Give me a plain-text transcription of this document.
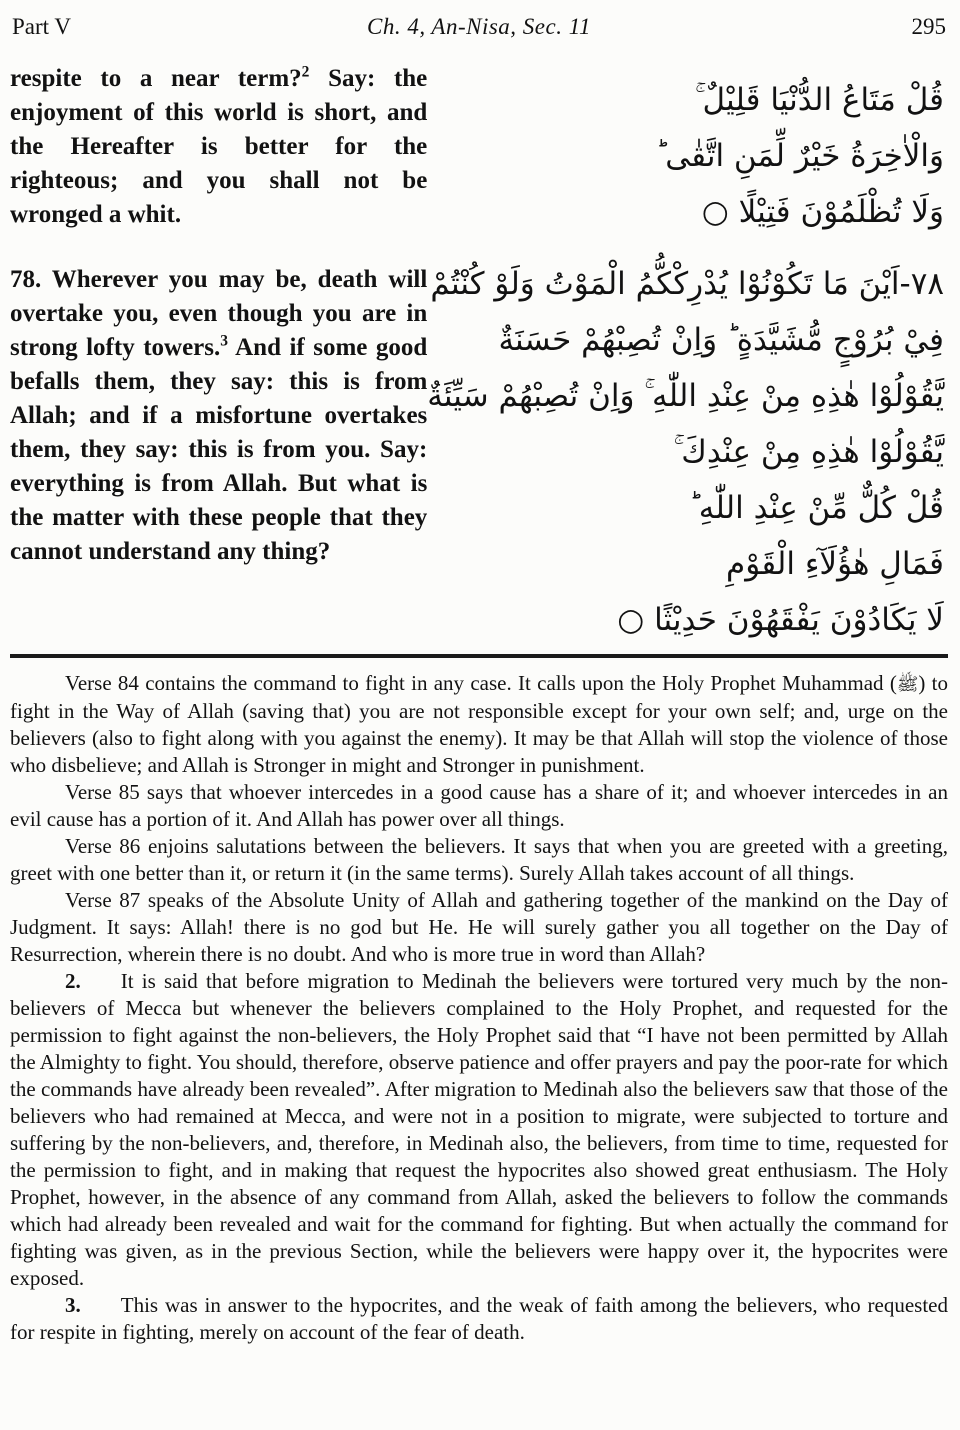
Part V	Ch. 4, An-Nisa, Sec. 11	295

respite to a near term?$^2$ Say: the enjoyment of this world is short, and the Hereafter is better for the righteous; and you shall not be wronged a whit.

78. Wherever you may be, death will overtake you, even though you are in strong lofty towers.$^3$ And if some good befalls them, they say: this is from Allah; and if a misfortune overtakes them, they say: this is from you. Say: everything is from Allah. But what is the matter with these people that they cannot understand any thing?

قُلْ مَتَاعُ الدُّنْيَا قَلِيْلٌ ۚ
وَالْاٰخِرَةُ خَيْرٌ لِّمَنِ اتَّقٰى ؕ
وَلَا تُظْلَمُوْنَ فَتِيْلًا ○
٧٨-اَيْنَ مَا تَكُوْنُوْا يُدْرِكْكُّمُ الْمَوْتُ وَلَوْ كُنْتُمْ
فِيْ بُرُوْجٍ مُّشَيَّدَةٍ ؕ وَاِنْ تُصِبْهُمْ حَسَنَةٌ
يَّقُوْلُوْا هٰذِهِ مِنْ عِنْدِ اللّٰهِ ۚ وَاِنْ تُصِبْهُمْ سَيِّئَةٌ
يَّقُوْلُوْا هٰذِهِ مِنْ عِنْدِكَ ۚ
قُلْ كُلٌّ مِّنْ عِنْدِ اللّٰهِ ؕ
فَمَالِ هٰؤُلَآءِ الْقَوْمِ
لَا يَكَادُوْنَ يَفْقَهُوْنَ حَدِيْثًا ○

Verse 84 contains the command to fight in any case. It calls upon the Holy Prophet Muhammad (ﷺ) to fight in the Way of Allah (saving that) you are not responsible except for your own self; and, urge on the believers (also to fight along with you against the enemy). It may be that Allah will stop the violence of those who disbelieve; and Allah is Stronger in might and Stronger in punishment.

Verse 85 says that whoever intercedes in a good cause has a share of it; and whoever intercedes in an evil cause has a portion of it. And Allah has power over all things.

Verse 86 enjoins salutations between the believers. It says that when you are greeted with a greeting, greet with one better than it, or return it (in the same terms). Surely Allah takes account of all things.

Verse 87 speaks of the Absolute Unity of Allah and gathering together of the mankind on the Day of Judgment. It says: Allah! there is no god but He. He will surely gather you all together on the Day of Resurrection, wherein there is no doubt. And who is more true in word than Allah?

2. It is said that before migration to Medinah the believers were tortured very much by the non-believers of Mecca but whenever the believers complained to the Holy Prophet, and requested for the permission to fight against the non-believers, the Holy Prophet said that “I have not been permitted by Allah the Almighty to fight. You should, therefore, observe patience and offer prayers and pay the poor-rate for which the commands have already been revealed”. After migration to Medinah also the believers saw that those of the believers who had remained at Mecca, and were not in a position to migrate, were subjected to torture and suffering by the non-believers, and, therefore, in Medinah also, the believers, from time to time, requested for the permission to fight, and in making that request the hypocrites also showed great enthusiasm. The Holy Prophet, however, in the absence of any command from Allah, asked the believers to follow the commands which had already been revealed and wait for the command for fighting. But when actually the command for fighting was given, as in the previous Section, while the believers were happy over it, the hypocrites were exposed.

3. This was in answer to the hypocrites, and the weak of faith among the believers, who requested for respite in fighting, merely on account of the fear of death.
